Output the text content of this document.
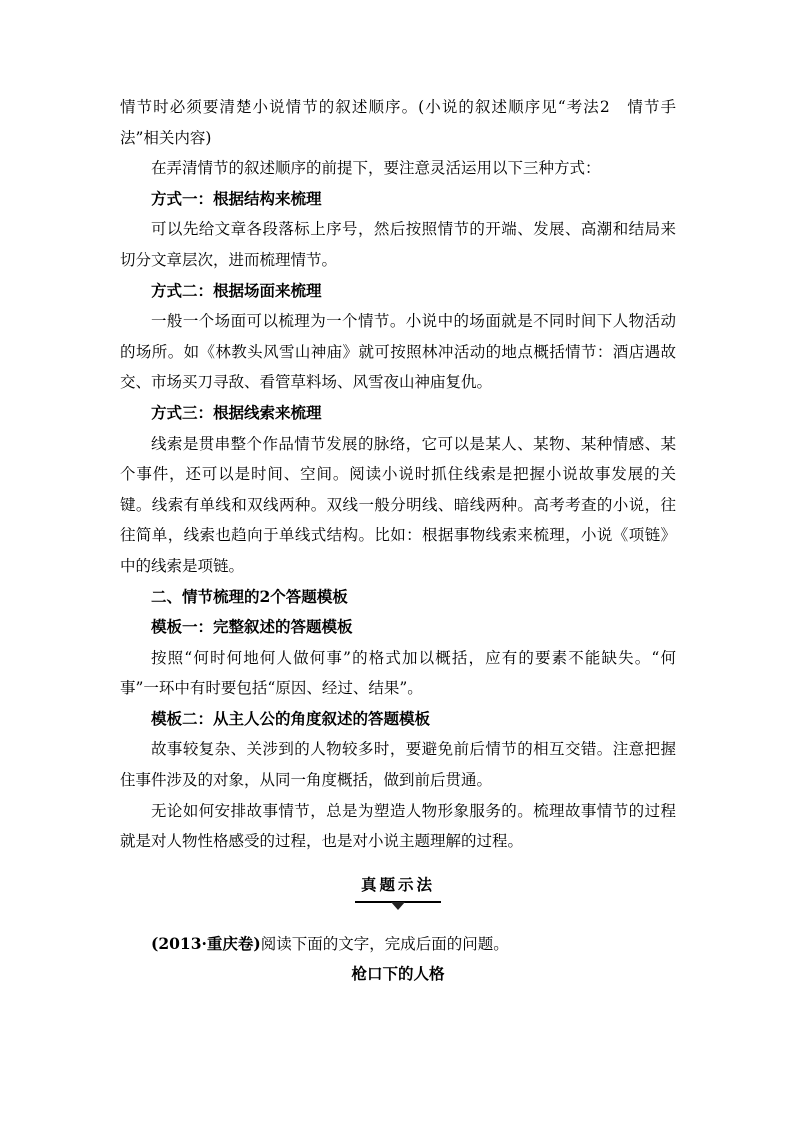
情节时必须要清楚小说情节的叙述顺序。(小说的叙述顺序见“考法2　情节手法”相关内容)

在弄清情节的叙述顺序的前提下，要注意灵活运用以下三种方式：

方式一：根据结构来梳理

可以先给文章各段落标上序号，然后按照情节的开端、发展、高潮和结局来切分文章层次，进而梳理情节。

方式二：根据场面来梳理

一般一个场面可以梳理为一个情节。小说中的场面就是不同时间下人物活动的场所。如《林教头风雪山神庙》就可按照林冲活动的地点概括情节：酒店遇故交、市场买刀寻敌、看管草料场、风雪夜山神庙复仇。

方式三：根据线索来梳理

线索是贯串整个作品情节发展的脉络，它可以是某人、某物、某种情感、某个事件，还可以是时间、空间。阅读小说时抓住线索是把握小说故事发展的关键。线索有单线和双线两种。双线一般分明线、暗线两种。高考考查的小说，往往简单，线索也趋向于单线式结构。比如：根据事物线索来梳理，小说《项链》中的线索是项链。

二、情节梳理的2个答题模板

模板一：完整叙述的答题模板

按照“何时何地何人做何事”的格式加以概括，应有的要素不能缺失。“何事”一环中有时要包括“原因、经过、结果”。

模板二：从主人公的角度叙述的答题模板

故事较复杂、关涉到的人物较多时，要避免前后情节的相互交错。注意把握住事件涉及的对象，从同一角度概括，做到前后贯通。

无论如何安排故事情节，总是为塑造人物形象服务的。梳理故事情节的过程就是对人物性格感受的过程，也是对小说主题理解的过程。

真题示法

(2013·重庆卷)阅读下面的文字，完成后面的问题。

枪口下的人格
